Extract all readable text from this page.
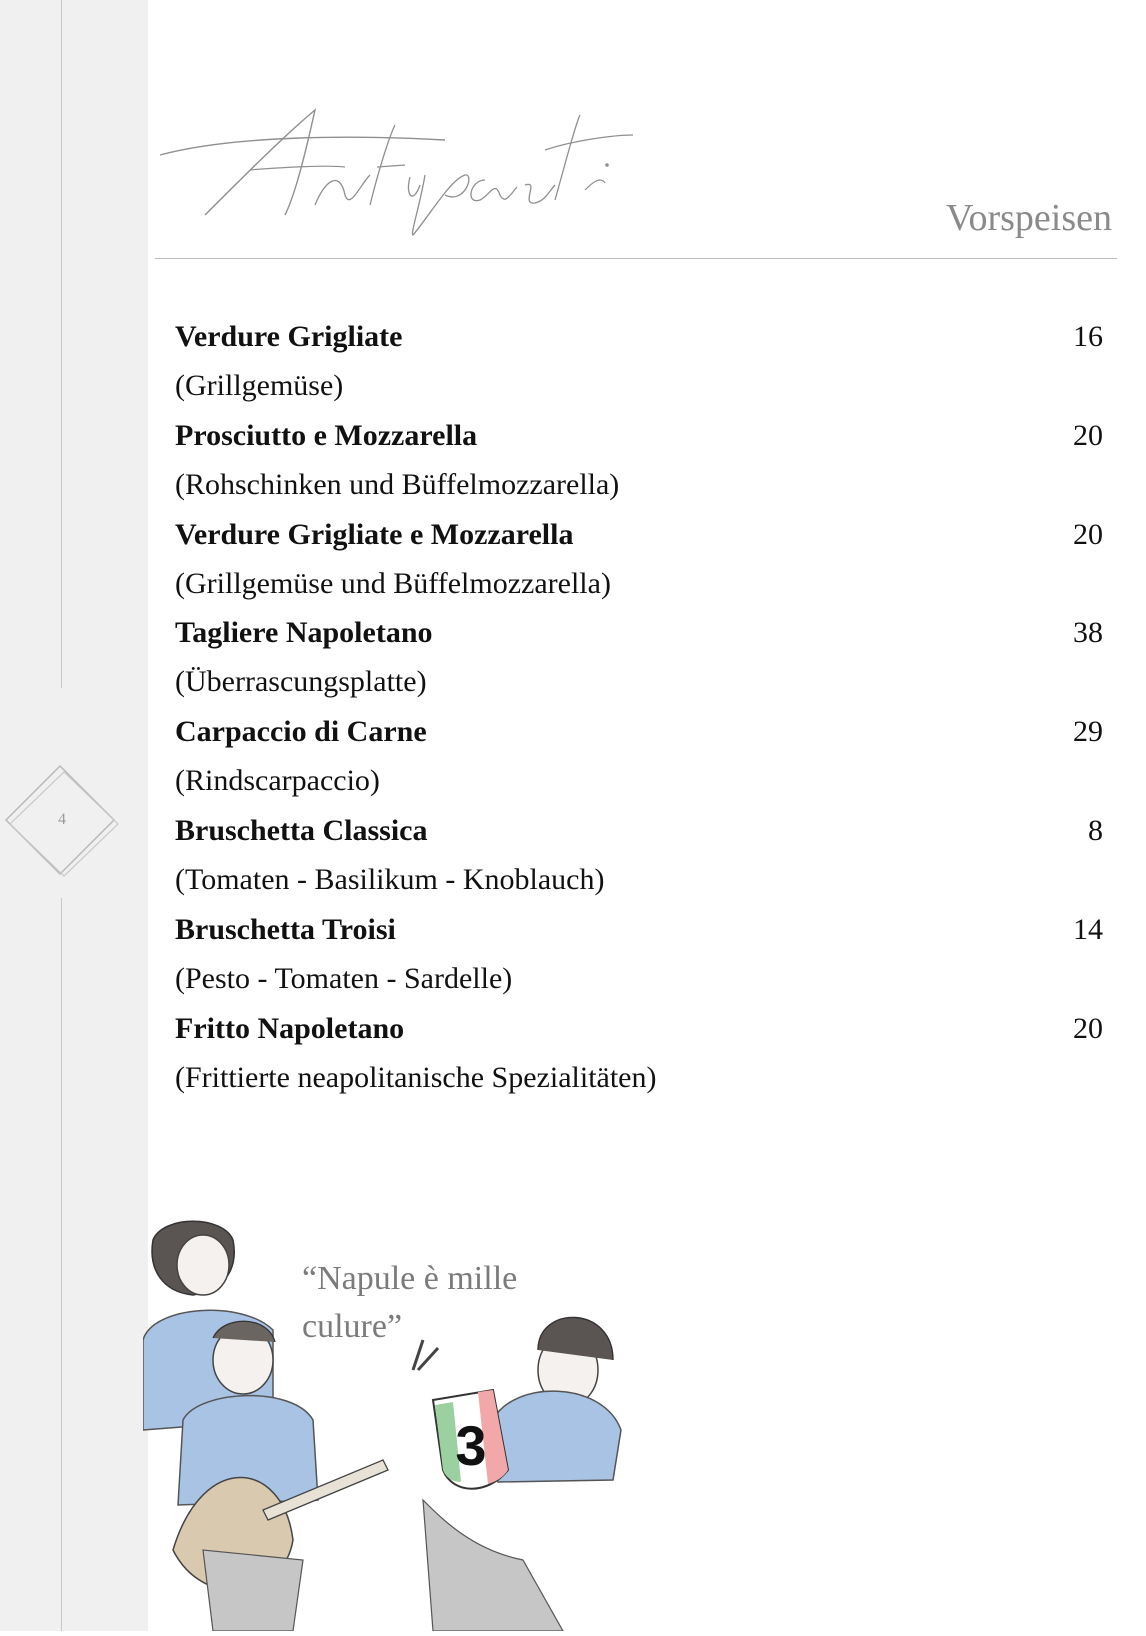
4
Vorspeisen
Verdure Grigliate	16
(Grillgemüse)
Prosciutto e Mozzarella	20
(Rohschinken und Büffelmozzarella)
Verdure Grigliate e Mozzarella	20
(Grillgemüse und Büffelmozzarella)
Tagliere Napoletano	38
(Überrascungsplatte)
Carpaccio di Carne	29
(Rindscarpaccio)
Bruschetta Classica	8
(Tomaten - Basilikum - Knoblauch)
Bruschetta Troisi	14
(Pesto - Tomaten - Sardelle)
Fritto Napoletano	20
(Frittierte neapolitanische Spezialitäten)
3
“Napule è mille
culure”
